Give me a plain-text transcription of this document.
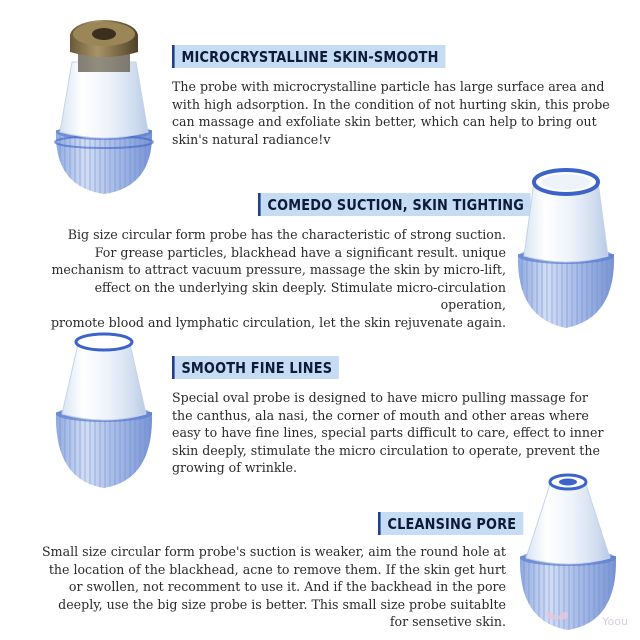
MICROCRYSTALLINE SKIN-SMOOTH
The probe with microcrystalline particle has large surface area and
with high adsorption. In the condition of not hurting skin, this probe
can massage and exfoliate skin better, which can help to bring out
skin's natural radiance!v
COMEDO SUCTION, SKIN TIGHTING
Big size circular form probe has the characteristic of strong suction.
For grease particles, blackhead have a significant result. unique
mechanism to attract vacuum pressure, massage the skin by micro-lift,
effect on the underlying skin deeply. Stimulate micro-circulation operation,
promote blood and lymphatic circulation, let the skin rejuvenate again.
SMOOTH FINE LINES
Special oval probe is designed to have micro pulling massage for
the canthus, ala nasi, the corner of mouth and other areas where
easy to have fine lines, special parts difficult to care, effect to inner
skin deeply, stimulate the micro circulation to operate, prevent the
growing of wrinkle.
CLEANSING PORE
Small size circular form probe's suction is weaker, aim the round hole at
the location of the blackhead, acne to remove them. If the skin get hurt
or swollen, not recomment to use it. And if the backhead in the pore
deeply, use the big size probe is better. This small size probe suitablte
for sensetive skin.	Yoou
